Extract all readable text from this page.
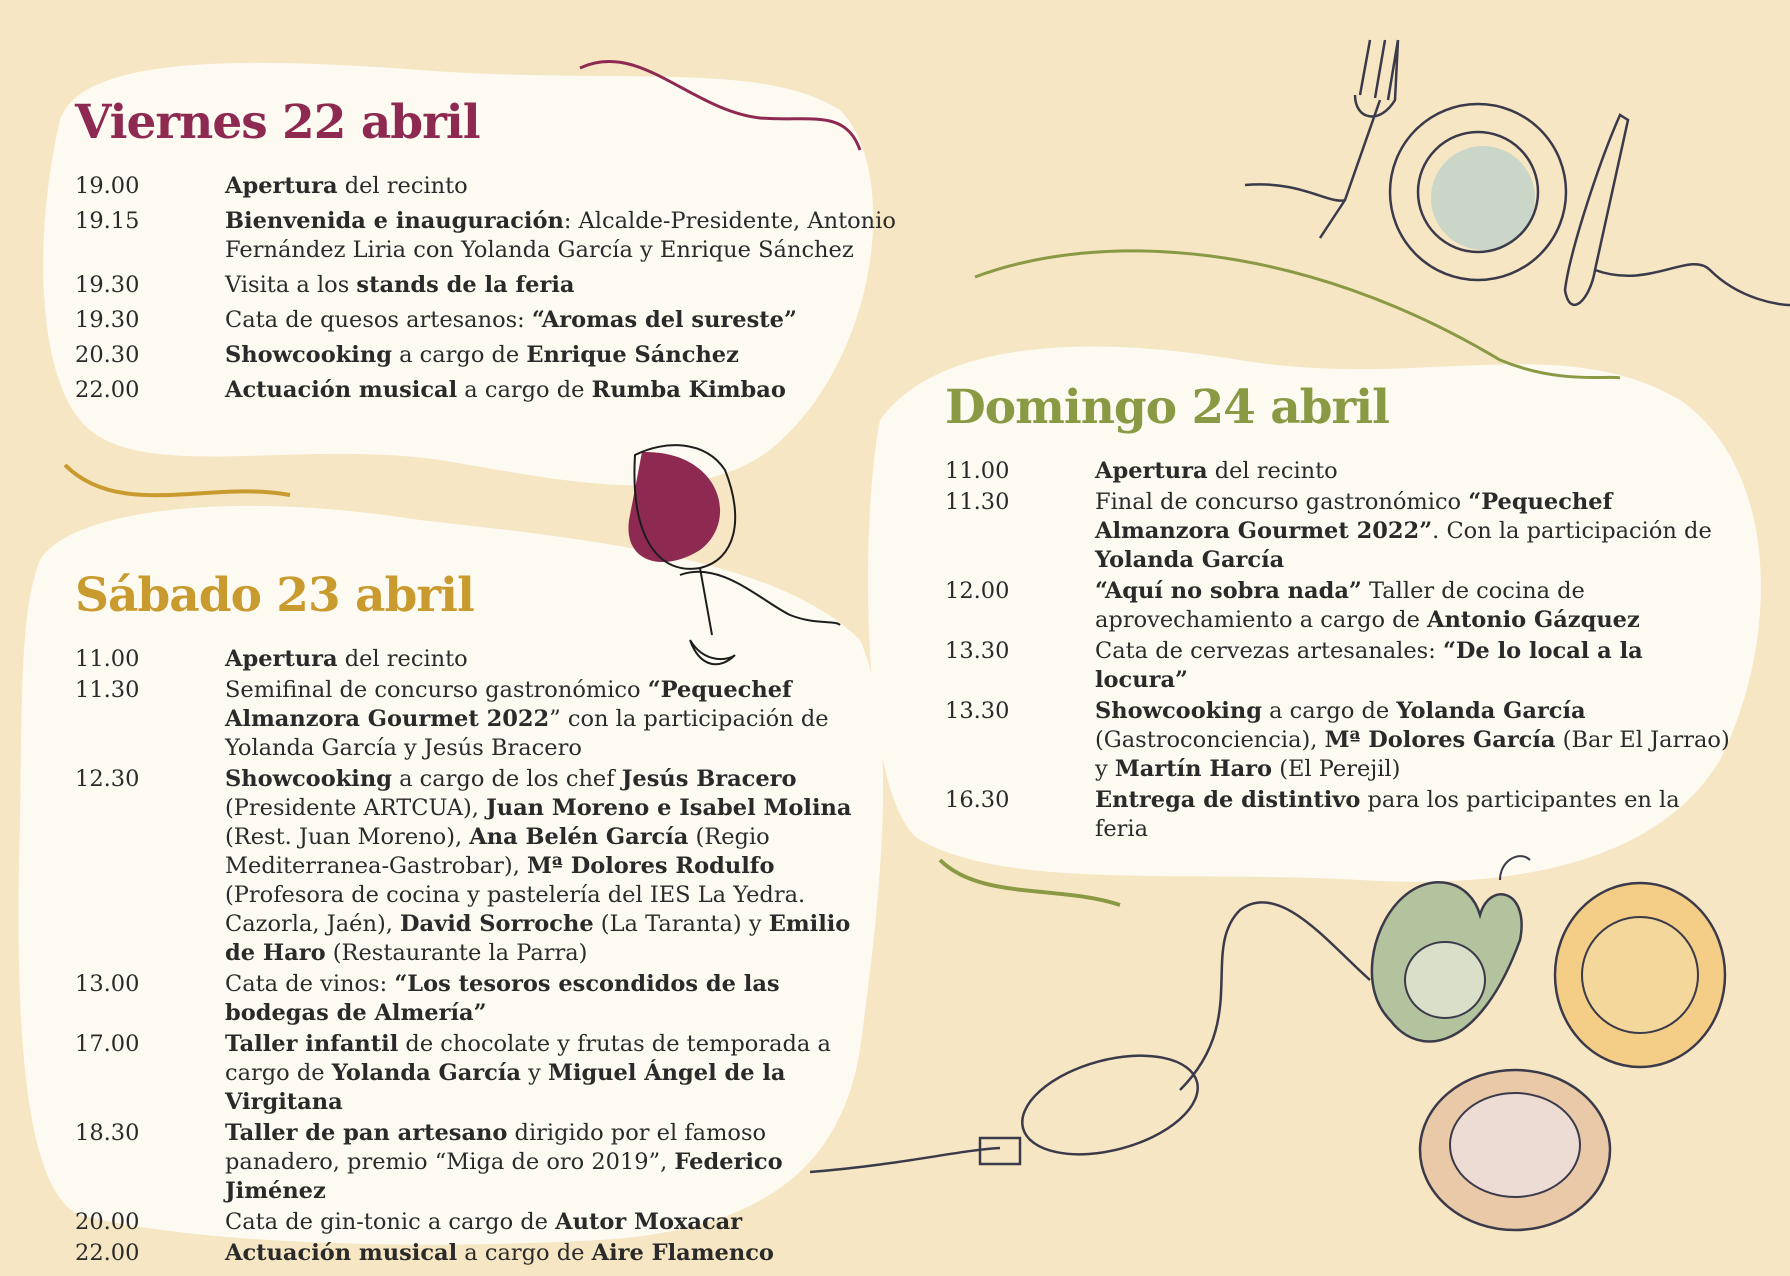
Viernes 22 abril
19.00	Apertura del recinto
19.15	Bienvenida e inauguración: Alcalde-Presidente, Antonio Fernández Liria con Yolanda García y Enrique Sánchez
19.30	Visita a los stands de la feria
19.30	Cata de quesos artesanos: “Aromas del sureste”
20.30	Showcooking a cargo de Enrique Sánchez
22.00	Actuación musical a cargo de Rumba Kimbao
Sábado 23 abril
11.00	Apertura del recinto
11.30	Semifinal de concurso gastronómico “Pequechef Almanzora Gourmet 2022” con la participación de Yolanda García y Jesús Bracero
12.30	Showcooking a cargo de los chef Jesús Bracero (Presidente ARTCUA), Juan Moreno e Isabel Molina (Rest. Juan Moreno), Ana Belén García (Regio Mediterranea-Gastrobar), Mª Dolores Rodulfo (Profesora de cocina y pastelería del IES La Yedra. Cazorla, Jaén), David Sorroche (La Taranta) y Emilio de Haro (Restaurante la Parra)
13.00	Cata de vinos: “Los tesoros escondidos de las bodegas de Almería”
17.00	Taller infantil de chocolate y frutas de temporada a cargo de Yolanda García y Miguel Ángel de la Virgitana
18.30	Taller de pan artesano dirigido por el famoso panadero, premio “Miga de oro 2019”, Federico Jiménez
20.00	Cata de gin-tonic a cargo de Autor Moxacar
22.00	Actuación musical a cargo de Aire Flamenco
Domingo 24 abril
11.00	Apertura del recinto
11.30	Final de concurso gastronómico “Pequechef Almanzora Gourmet 2022”. Con la participación de Yolanda García
12.00	“Aquí no sobra nada” Taller de cocina de aprovechamiento a cargo de Antonio Gázquez
13.30	Cata de cervezas artesanales: “De lo local a la locura”
13.30	Showcooking a cargo de Yolanda García (Gastroconciencia), Mª Dolores García (Bar El Jarrao) y Martín Haro (El Perejil)
16.30	Entrega de distintivo para los participantes en la feria
